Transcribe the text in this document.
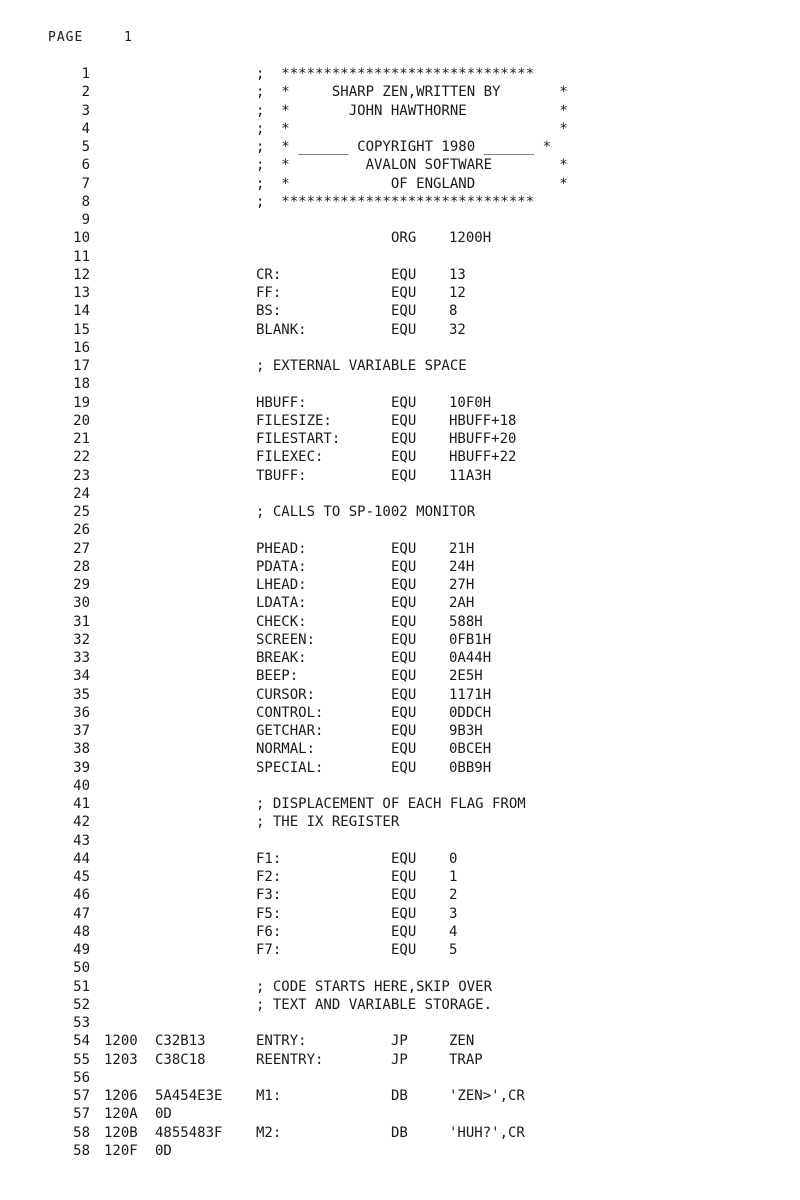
PAGE	1
1	;  ******************************
2	;  *     SHARP ZEN,WRITTEN BY       *
3	;  *       JOHN HAWTHORNE           *
4	;  *                                *
5	;  * ______ COPYRIGHT 1980 ______ *
6	;  *         AVALON SOFTWARE        *
7	;  *            OF ENGLAND          *
8	;  ******************************
9
10	ORG 1200H
11
12	CR:	EQU 13
13	FF:	EQU 12
14	BS:	EQU 8
15	BLANK:	EQU 32
16
17	; EXTERNAL VARIABLE SPACE
18
19	HBUFF:	EQU 10F0H
20	FILESIZE:	EQU HBUFF+18
21	FILESTART:	EQU HBUFF+20
22	FILEXEC:	EQU HBUFF+22
23	TBUFF:	EQU 11A3H
24
25	; CALLS TO SP-1002 MONITOR
26
27	PHEAD:	EQU 21H
28	PDATA:	EQU 24H
29	LHEAD:	EQU 27H
30	LDATA:	EQU 2AH
31	CHECK:	EQU 588H
32	SCREEN:	EQU 0FB1H
33	BREAK:	EQU 0A44H
34	BEEP:	EQU 2E5H
35	CURSOR:	EQU 1171H
36	CONTROL:	EQU 0DDCH
37	GETCHAR:	EQU 9B3H
38	NORMAL:	EQU 0BCEH
39	SPECIAL:	EQU 0BB9H
40
41	; DISPLACEMENT OF EACH FLAG FROM
42	; THE IX REGISTER
43
44	F1:	EQU 0
45	F2:	EQU 1
46	F3:	EQU 2
47	F5:	EQU 3
48	F6:	EQU 4
49	F7:	EQU 5
50
51	; CODE STARTS HERE,SKIP OVER
52	; TEXT AND VARIABLE STORAGE.
53
54 1200 C32B13	ENTRY:	JP	ZEN
55 1203 C38C18	REENTRY:	JP	TRAP
56
57 1206 5A454E3E M1:	DB	'ZEN>',CR
57 120A 0D
58 120B 4855483F M2:	DB	'HUH?',CR
58 120F 0D
